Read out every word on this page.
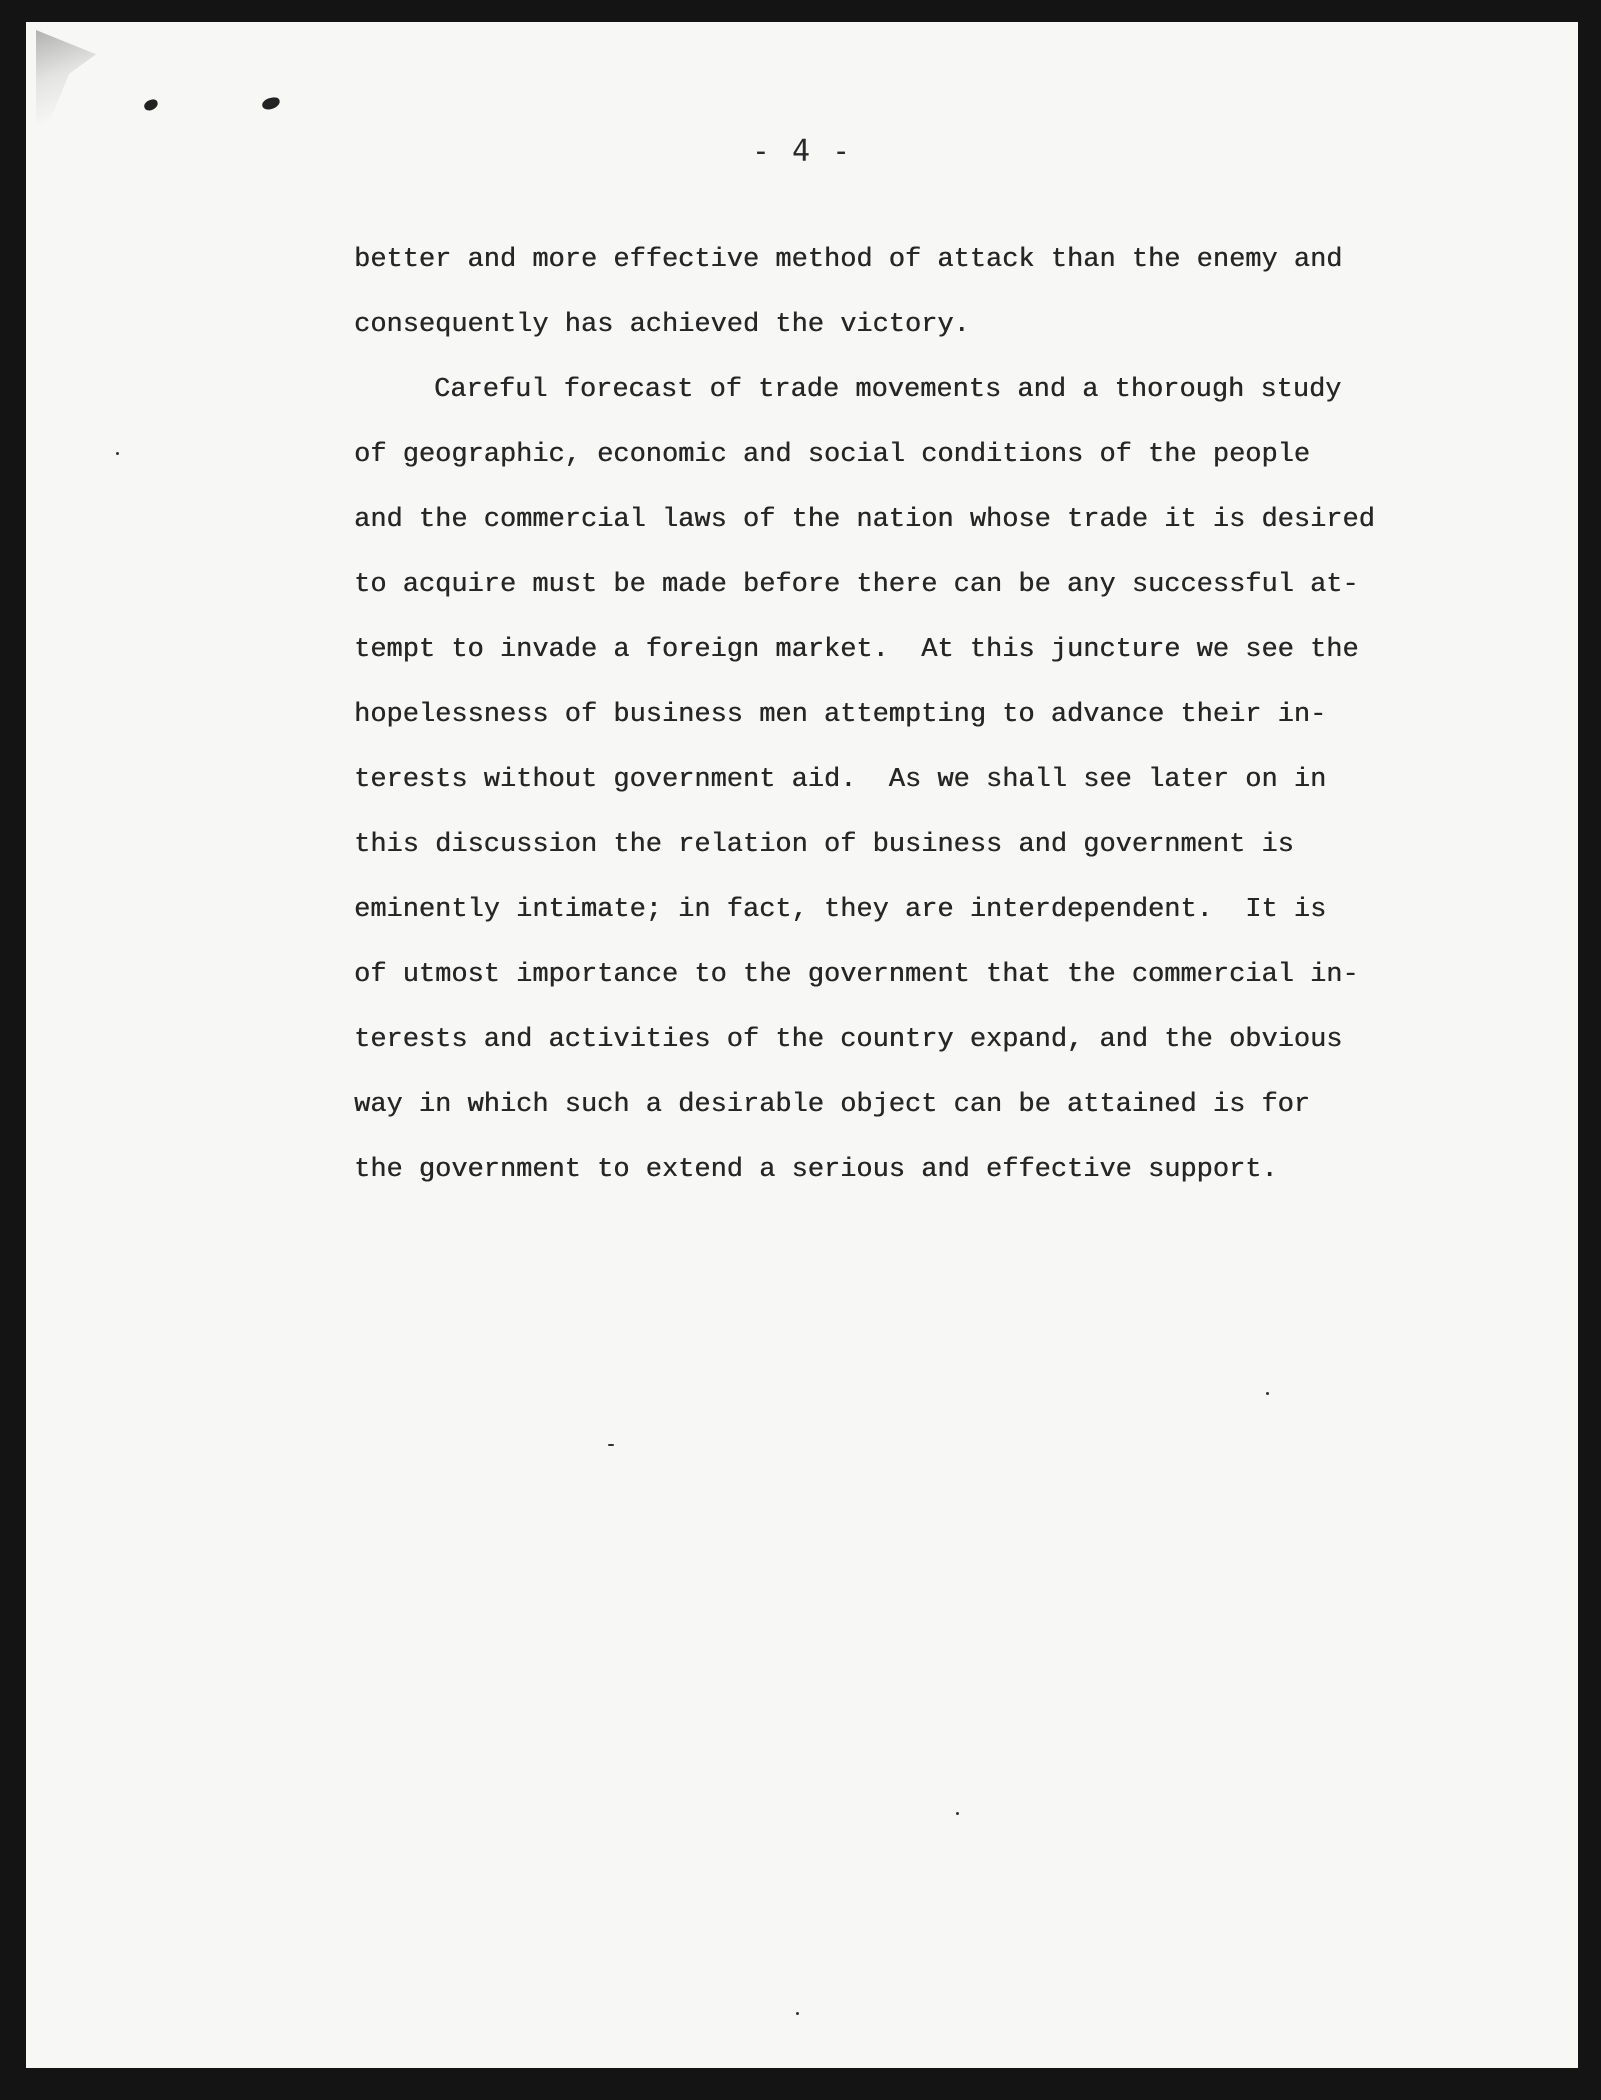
- 4 -
better and more effective method of attack than the enemy and
consequently has achieved the victory.
Careful forecast of trade movements and a thorough study
of geographic, economic and social conditions of the people
and the commercial laws of the nation whose trade it is desired
to acquire must be made before there can be any successful at-
tempt to invade a foreign market.  At this juncture we see the
hopelessness of business men attempting to advance their in-
terests without government aid.  As we shall see later on in
this discussion the relation of business and government is
eminently intimate; in fact, they are interdependent.  It is
of utmost importance to the government that the commercial in-
terests and activities of the country expand, and the obvious
way in which such a desirable object can be attained is for
the government to extend a serious and effective support.
